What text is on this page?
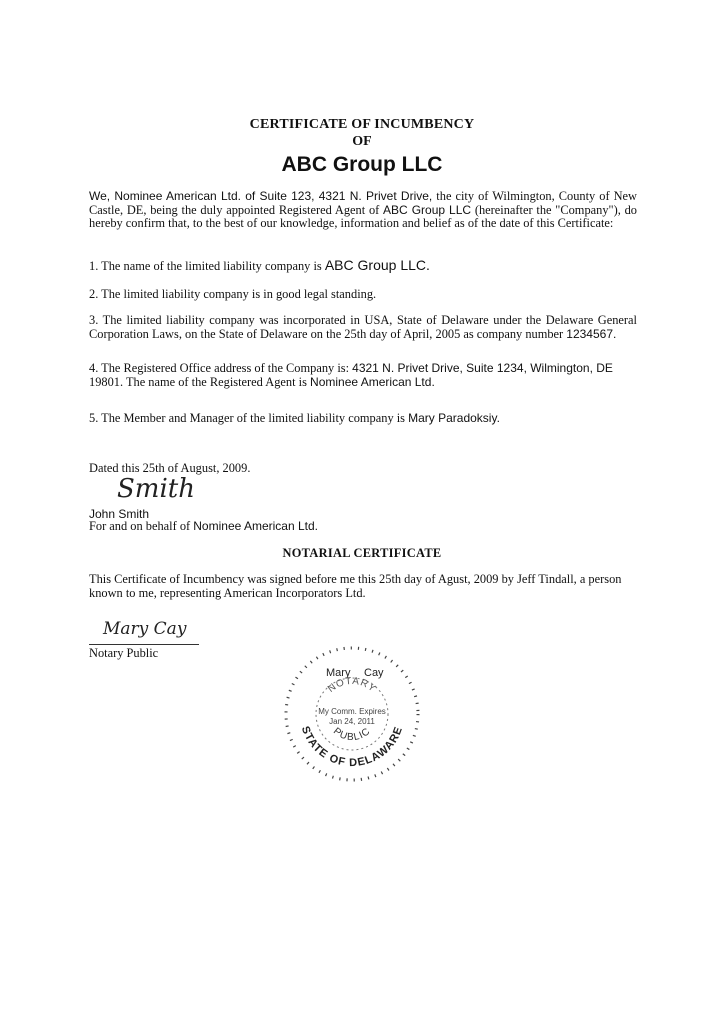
CERTIFICATE OF INCUMBENCY
OF
ABC Group LLC
We, Nominee American Ltd. of Suite 123, 4321 N. Privet Drive, the city of Wilmington, County of New Castle, DE, being the duly appointed Registered Agent of ABC Group LLC (hereinafter the "Company"), do hereby confirm that, to the best of our knowledge, information and belief as of the date of this Certificate:
1. The name of the limited liability company is ABC Group LLC.
2. The limited liability company is in good legal standing.
3. The limited liability company was incorporated in USA, State of Delaware under the Delaware General Corporation Laws, on the State of Delaware on the 25th day of April, 2005 as company number 1234567.
4. The Registered Office address of the Company is: 4321 N. Privet Drive, Suite 1234, Wilmington, DE
19801. The name of the Registered Agent is Nominee American Ltd.
5. The Member and Manager of the limited liability company is Mary Paradoksiy.
Dated this 25th of August, 2009.
Smith
John Smith
For and on behalf of Nominee American Ltd.
NOTARIAL CERTIFICATE
This Certificate of Incumbency was signed before me this 25th day of Agust, 2009 by Jeff Tindall, a person known to me, representing American Incorporators Ltd.
Mary Cay
Notary Public
Mary Cay
NOTARY
My Comm. Expires
Jan 24, 2011
PUBLIC
STATE OF DELAWARE
